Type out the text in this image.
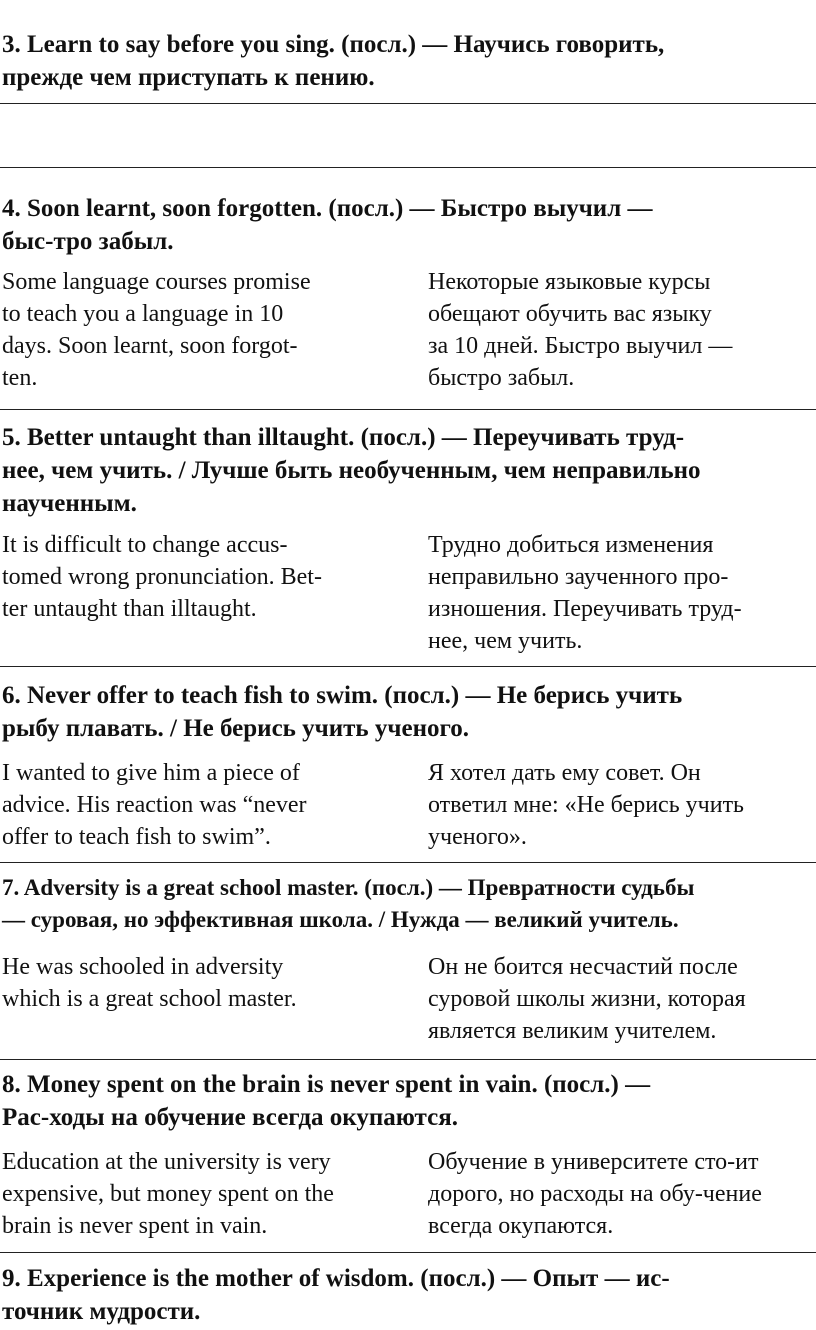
3. Learn to say before you sing. (посл.) — Научись говорить,
прежде чем приступать к пению.
4. Soon learnt, soon forgotten. (посл.) — Быстро выучил —
быс-тро забыл.
Some language courses promise
to teach you a language in 10
days. Soon learnt, soon forgot-
ten.
Некоторые языковые курсы
обещают обучить вас языку
за 10 дней. Быстро выучил —
быстро забыл.
5. Better untaught than illtaught. (посл.) — Переучивать труд-
нее, чем учить. / Лучше быть необученным, чем неправильно
наученным.
It is difficult to change accus-
tomed wrong pronunciation. Bet-
ter untaught than illtaught.
Трудно добиться изменения
неправильно заученного про-
изношения. Переучивать труд-
нее, чем учить.
6. Never offer to teach fish to swim. (посл.) — Не берись учить
рыбу плавать. / Не берись учить ученого.
I wanted to give him a piece of
advice. His reaction was “never
offer to teach fish to swim”.
Я хотел дать ему совет. Он
ответил мне: «Не берись учить
ученого».
7. Adversity is a great school master. (посл.) — Превратности судьбы
— суровая, но эффективная школа. / Нужда — великий учитель.
He was schooled in adversity
which is a great school master.
Он не боится несчастий после
суровой школы жизни, которая
является великим учителем.
8. Money spent on the brain is never spent in vain. (посл.) —
Рас-ходы на обучение всегда окупаются.
Education at the university is very
expensive, but money spent on the
brain is never spent in vain.
Обучение в университете сто-ит
дорого, но расходы на обу-чение
всегда окупаются.
9. Experience is the mother of wisdom. (посл.) — Опыт — ис-
точник мудрости.
